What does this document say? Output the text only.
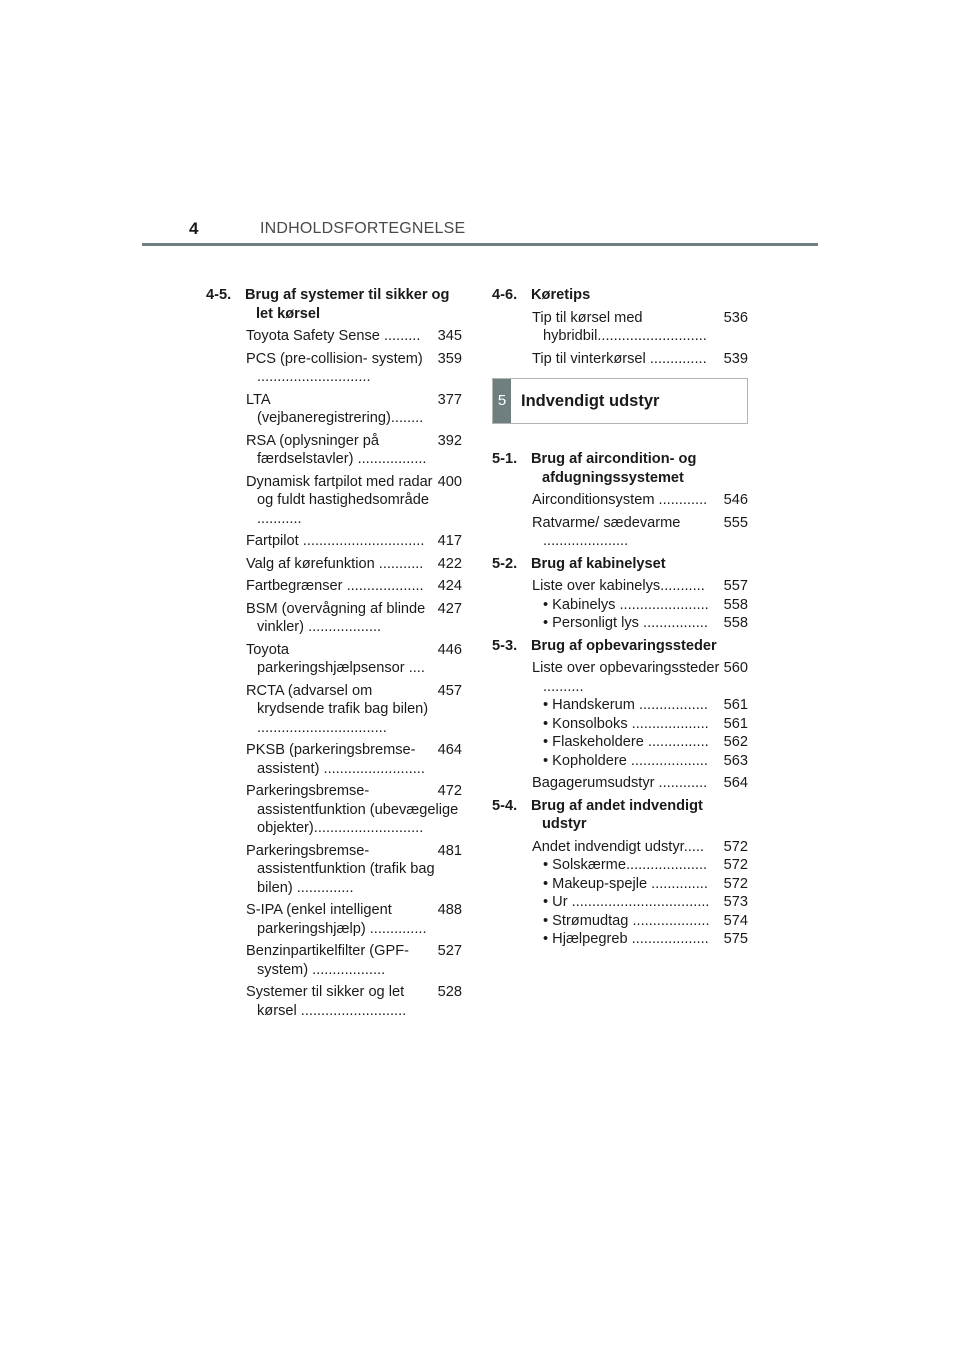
4	INDHOLDSFORTEGNELSE
4-5. Brug af systemer til sikker og let kørsel
345
Toyota Safety Sense .........
359
PCS (pre-collision- system) ............................
377
LTA (vejbaneregistrering)........
392
RSA (oplysninger på færdselstavler) .................
400
Dynamisk fartpilot med radar og fuldt hastighedsområde ...........
417
Fartpilot ..............................
422
Valg af kørefunktion ...........
424
Fartbegrænser ...................
427
BSM (overvågning af blinde vinkler) ..................
446
Toyota parkeringshjælpsensor ....
457
RCTA (advarsel om krydsende trafik bag bilen) ................................
464
PKSB (parkeringsbremse- assistent) .........................
472
Parkeringsbremse- assistentfunktion (ubevægelige objekter)...........................
481
Parkeringsbremse- assistentfunktion (trafik bag bilen) ..............
488
S-IPA (enkel intelligent parkeringshjælp) ..............
527
Benzinpartikelfilter (GPF-system) ..................
528
Systemer til sikker og let kørsel ..........................
4-6. Køretips
536
Tip til kørsel med hybridbil...........................
539
Tip til vinterkørsel ..............
5 Indvendigt udstyr
5-1. Brug af aircondition- og afdugningssystemet
546
Airconditionsystem ............
555
Ratvarme/ sædevarme .....................
5-2. Brug af kabinelyset
557
Liste over kabinelys...........
558
• Kabinelys ......................
558
• Personligt lys ................
5-3. Brug af opbevaringssteder
560
Liste over opbevaringssteder ..........
561
• Handskerum .................
561
• Konsolboks ...................
562
• Flaskeholdere ...............
563
• Kopholdere ...................
564
Bagagerumsudstyr ............
5-4. Brug af andet indvendigt udstyr
572
Andet indvendigt udstyr.....
572
• Solskærme....................
572
• Makeup-spejle ..............
573
• Ur ..................................
574
• Strømudtag ...................
575
• Hjælpegreb ...................
